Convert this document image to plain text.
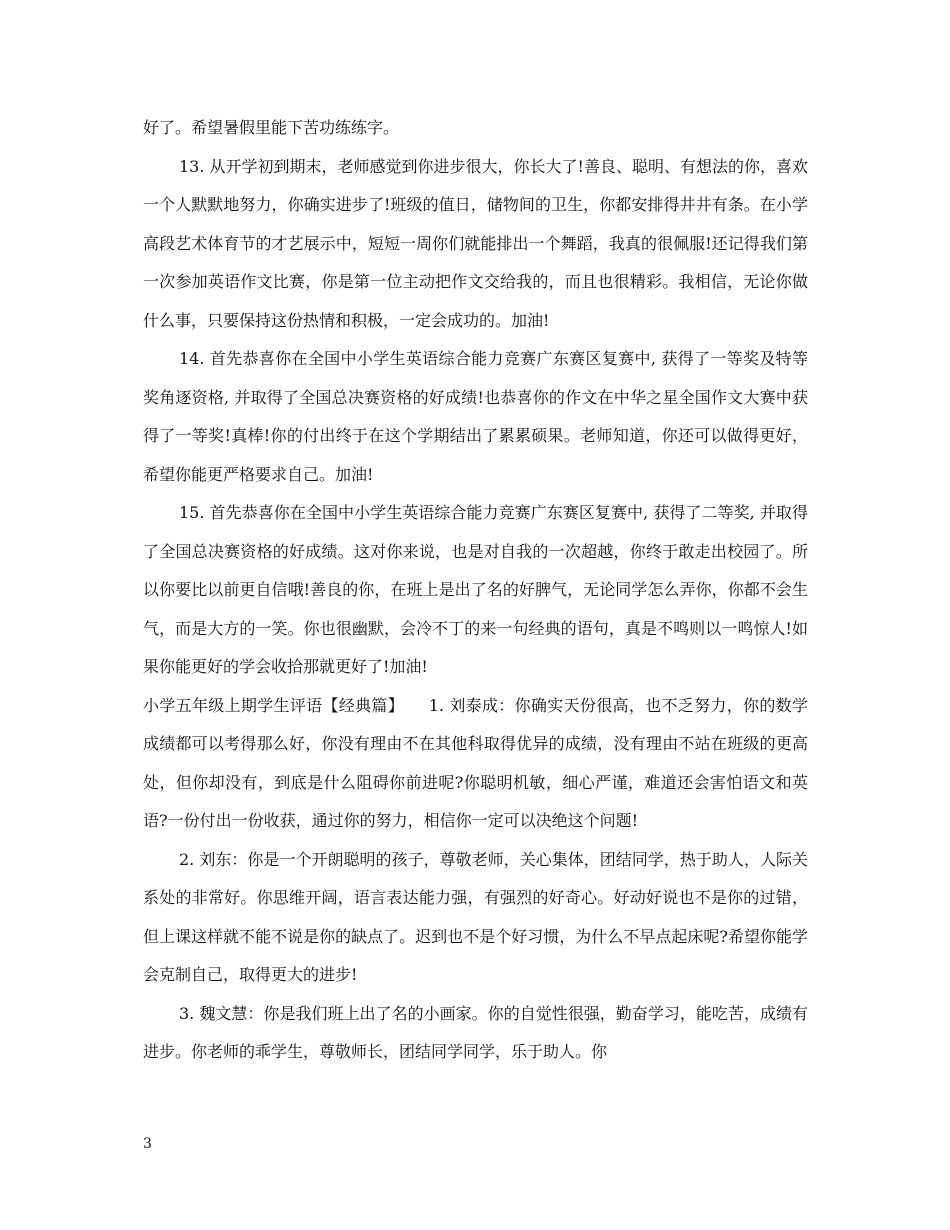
好了。希望暑假里能下苦功练练字。

13. 从开学初到期末，老师感觉到你进步很大，你长大了!善良、聪明、有想法的你，喜欢一个人默默地努力，你确实进步了!班级的值日，储物间的卫生，你都安排得井井有条。在小学高段艺术体育节的才艺展示中，短短一周你们就能排出一个舞蹈，我真的很佩服!还记得我们第一次参加英语作文比赛，你是第一位主动把作文交给我的，而且也很精彩。我相信，无论你做什么事，只要保持这份热情和积极，一定会成功的。加油!

14. 首先恭喜你在全国中小学生英语综合能力竞赛广东赛区复赛中, 获得了一等奖及特等奖角逐资格, 并取得了全国总决赛资格的好成绩!也恭喜你的作文在中华之星全国作文大赛中获得了一等奖!真棒!你的付出终于在这个学期结出了累累硕果。老师知道，你还可以做得更好，希望你能更严格要求自己。加油!

15. 首先恭喜你在全国中小学生英语综合能力竞赛广东赛区复赛中, 获得了二等奖, 并取得了全国总决赛资格的好成绩。这对你来说，也是对自我的一次超越，你终于敢走出校园了。所以你要比以前更自信哦!善良的你，在班上是出了名的好脾气，无论同学怎么弄你，你都不会生气，而是大方的一笑。你也很幽默，会冷不丁的来一句经典的语句，真是不鸣则以一鸣惊人!如果你能更好的学会收拾那就更好了!加油!

小学五年级上期学生评语【经典篇】　　1. 刘泰成：你确实天份很高，也不乏努力，你的数学成绩都可以考得那么好，你没有理由不在其他科取得优异的成绩，没有理由不站在班级的更高处，但你却没有，到底是什么阻碍你前进呢?你聪明机敏，细心严谨，难道还会害怕语文和英语?一份付出一份收获，通过你的努力，相信你一定可以决绝这个问题!

2. 刘东：你是一个开朗聪明的孩子，尊敬老师，关心集体，团结同学，热于助人，人际关系处的非常好。你思维开阔，语言表达能力强，有强烈的好奇心。好动好说也不是你的过错，但上课这样就不能不说是你的缺点了。迟到也不是个好习惯，为什么不早点起床呢?希望你能学会克制自己，取得更大的进步!

3. 魏文慧：你是我们班上出了名的小画家。你的自觉性很强，勤奋学习，能吃苦，成绩有进步。你老师的乖学生，尊敬师长，团结同学同学，乐于助人。你

3
